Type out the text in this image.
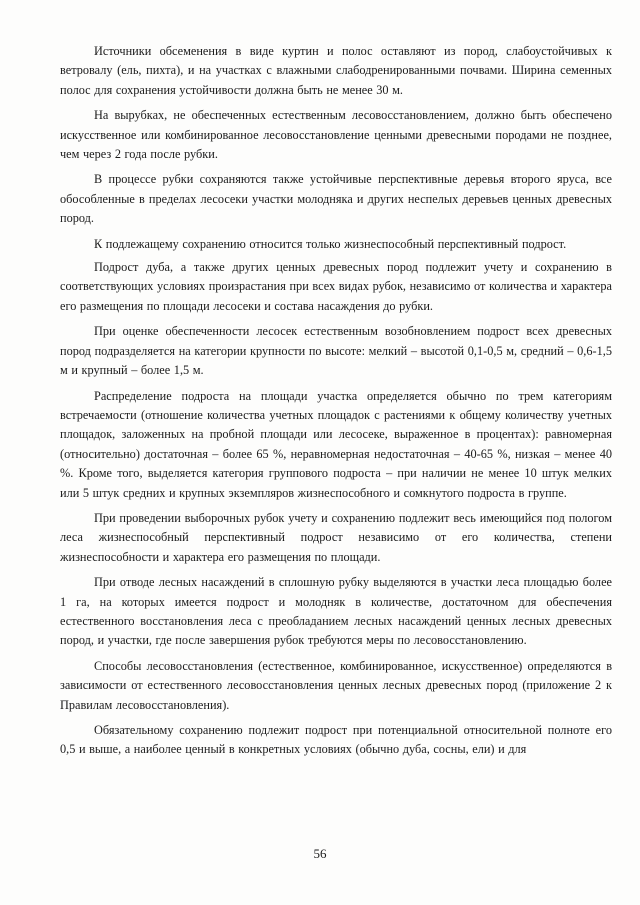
Источники обсеменения в виде куртин и полос оставляют из пород, слабоустойчивых к ветровалу (ель, пихта), и на участках с влажными слабодренированными почвами. Ширина семенных полос для сохранения устойчивости должна быть не менее 30 м.

На вырубках, не обеспеченных естественным лесовосстановлением, должно быть обеспечено искусственное или комбинированное лесовосстановление ценными древесными породами не позднее, чем через 2 года после рубки.

В процессе рубки сохраняются также устойчивые перспективные деревья второго яруса, все обособленные в пределах лесосеки участки молодняка и других неспелых деревьев ценных древесных пород.

К подлежащему сохранению относится только жизнеспособный перспективный подрост.

Подрост дуба, а также других ценных древесных пород подлежит учету и сохранению в соответствующих условиях произрастания при всех видах рубок, независимо от количества и характера его размещения по площади лесосеки и состава насаждения до рубки.

При оценке обеспеченности лесосек естественным возобновлением подрост всех древесных пород подразделяется на категории крупности по высоте: мелкий – высотой 0,1-0,5 м, средний – 0,6-1,5 м и крупный – более 1,5 м.

Распределение подроста на площади участка определяется обычно по трем категориям встречаемости (отношение количества учетных площадок с растениями к общему количеству учетных площадок, заложенных на пробной площади или лесосеке, выраженное в процентах): равномерная (относительно) достаточная – более 65 %, неравномерная недостаточная – 40-65 %, низкая – менее 40 %. Кроме того, выделяется категория группового подроста – при наличии не менее 10 штук мелких или 5 штук средних и крупных экземпляров жизнеспособного и сомкнутого подроста в группе.

При проведении выборочных рубок учету и сохранению подлежит весь имеющийся под пологом леса жизнеспособный перспективный подрост независимо от его количества, степени жизнеспособности и характера его размещения по площади.

При отводе лесных насаждений в сплошную рубку выделяются в участки леса площадью более 1 га, на которых имеется подрост и молодняк в количестве, достаточном для обеспечения естественного восстановления леса с преобладанием лесных насаждений ценных лесных древесных пород, и участки, где после завершения рубок требуются меры по лесовосстановлению.

Способы лесовосстановления (естественное, комбинированное, искусственное) определяются в зависимости от естественного лесовосстановления ценных лесных древесных пород (приложение 2 к Правилам лесовосстановления).

Обязательному сохранению подлежит подрост при потенциальной относительной полноте его 0,5 и выше, а наиболее ценный в конкретных условиях (обычно дуба, сосны, ели) и для

56
